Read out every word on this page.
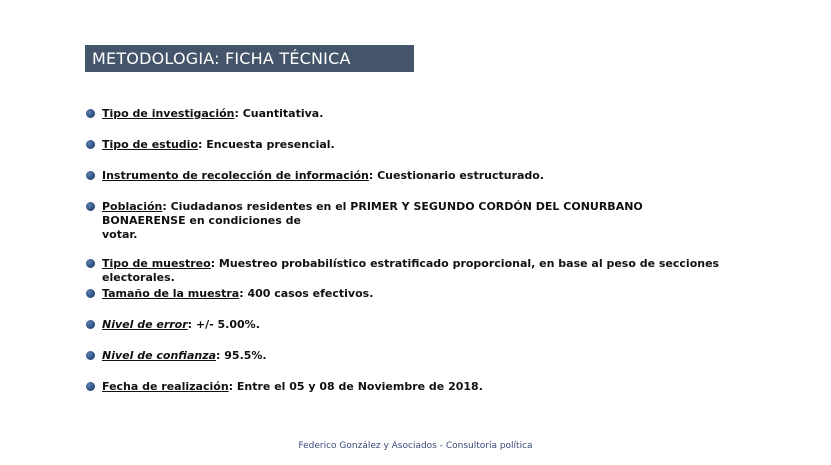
METODOLOGIA: FICHA TÉCNICA
Tipo de investigación: Cuantitativa.
Tipo de estudio: Encuesta presencial.
Instrumento de recolección de información: Cuestionario estructurado.
Población: Ciudadanos residentes en el PRIMER Y SEGUNDO CORDÓN DEL CONURBANO BONAERENSE en condiciones de
votar.
Tipo de muestreo: Muestreo probabilístico estratificado proporcional, en base al peso de secciones electorales.
Tamaño de la muestra: 400 casos efectivos.
Nivel de error: +/- 5.00%.
Nivel de confianza: 95.5%.
Fecha de realización: Entre el 05 y 08 de Noviembre de 2018.
Federico González y Asociados - Consultoría política
